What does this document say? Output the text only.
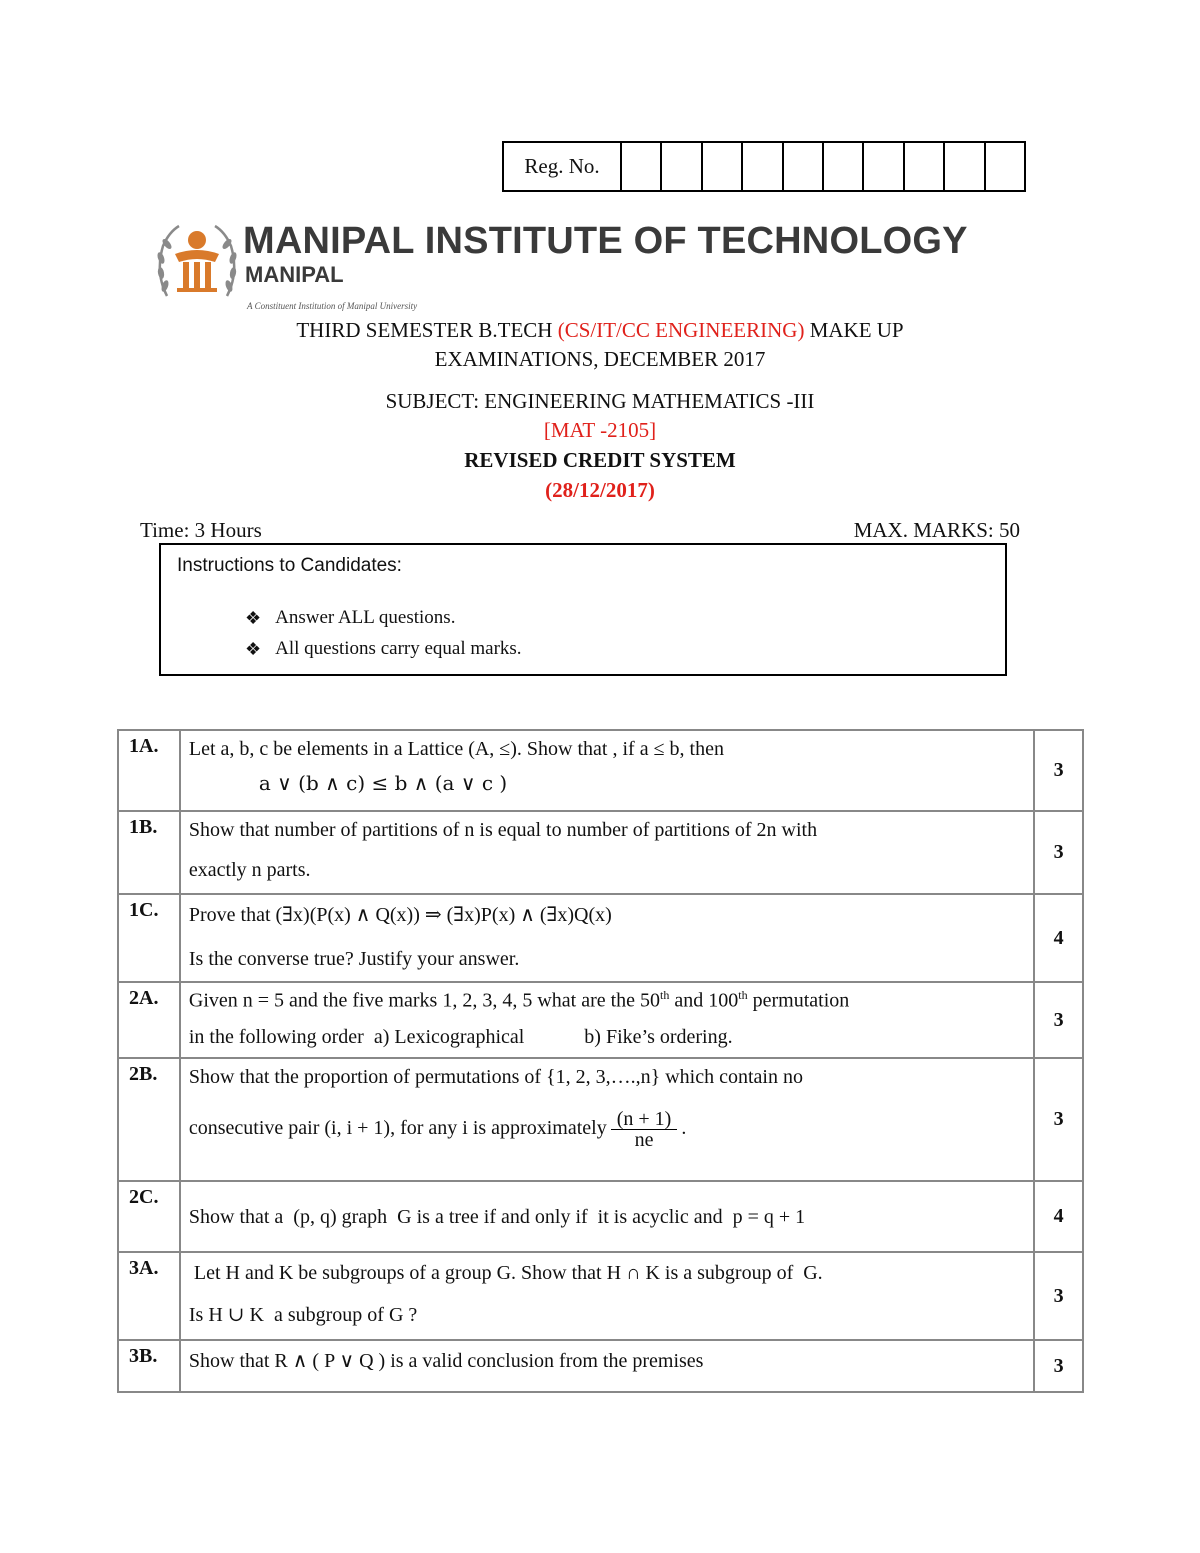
Reg. No.
MANIPAL INSTITUTE OF TECHNOLOGY
MANIPAL
A Constituent Institution of Manipal University
THIRD SEMESTER B.TECH (CS/IT/CC ENGINEERING) MAKE UP
EXAMINATIONS, DECEMBER 2017
SUBJECT: ENGINEERING MATHEMATICS -III
[MAT -2105]
REVISED CREDIT SYSTEM
(28/12/2017)
Time: 3 Hours	MAX. MARKS: 50
Instructions to Candidates:
❖ Answer ALL questions.
❖ All questions carry equal marks.
1A.	Let a, b, c be elements in a Lattice (A, ≤). Show that , if a ≤ b, then
a ∨ (b ∧ c) ≤ b ∧ (a ∨ c )	3
1B.	Show that number of partitions of n is equal to number of partitions of 2n with
exactly n parts.	3
1C.	Prove that (∃x)(P(x) ∧ Q(x)) ⇒ (∃x)P(x) ∧ (∃x)Q(x)
Is the converse true? Justify your answer.	4
2A.	Given n = 5 and the five marks 1, 2, 3, 4, 5 what are the 50th and 100th permutation
in the following order  a) Lexicographical            b) Fike’s ordering.	3
2B.	Show that the proportion of permutations of {1, 2, 3,….,n} which contain no
consecutive pair (i, i + 1), for any i is approximately $\frac{(n + 1)}{ne}$ .	3
2C.	Show that a  (p, q) graph  G is a tree if and only if  it is acyclic and  p = q + 1	4
3A.	Let H and K be subgroups of a group G. Show that H ∩ K is a subgroup of  G.
Is H ∪ K  a subgroup of G ?	3
3B.	Show that R ∧ ( P ∨ Q ) is a valid conclusion from the premises	3
